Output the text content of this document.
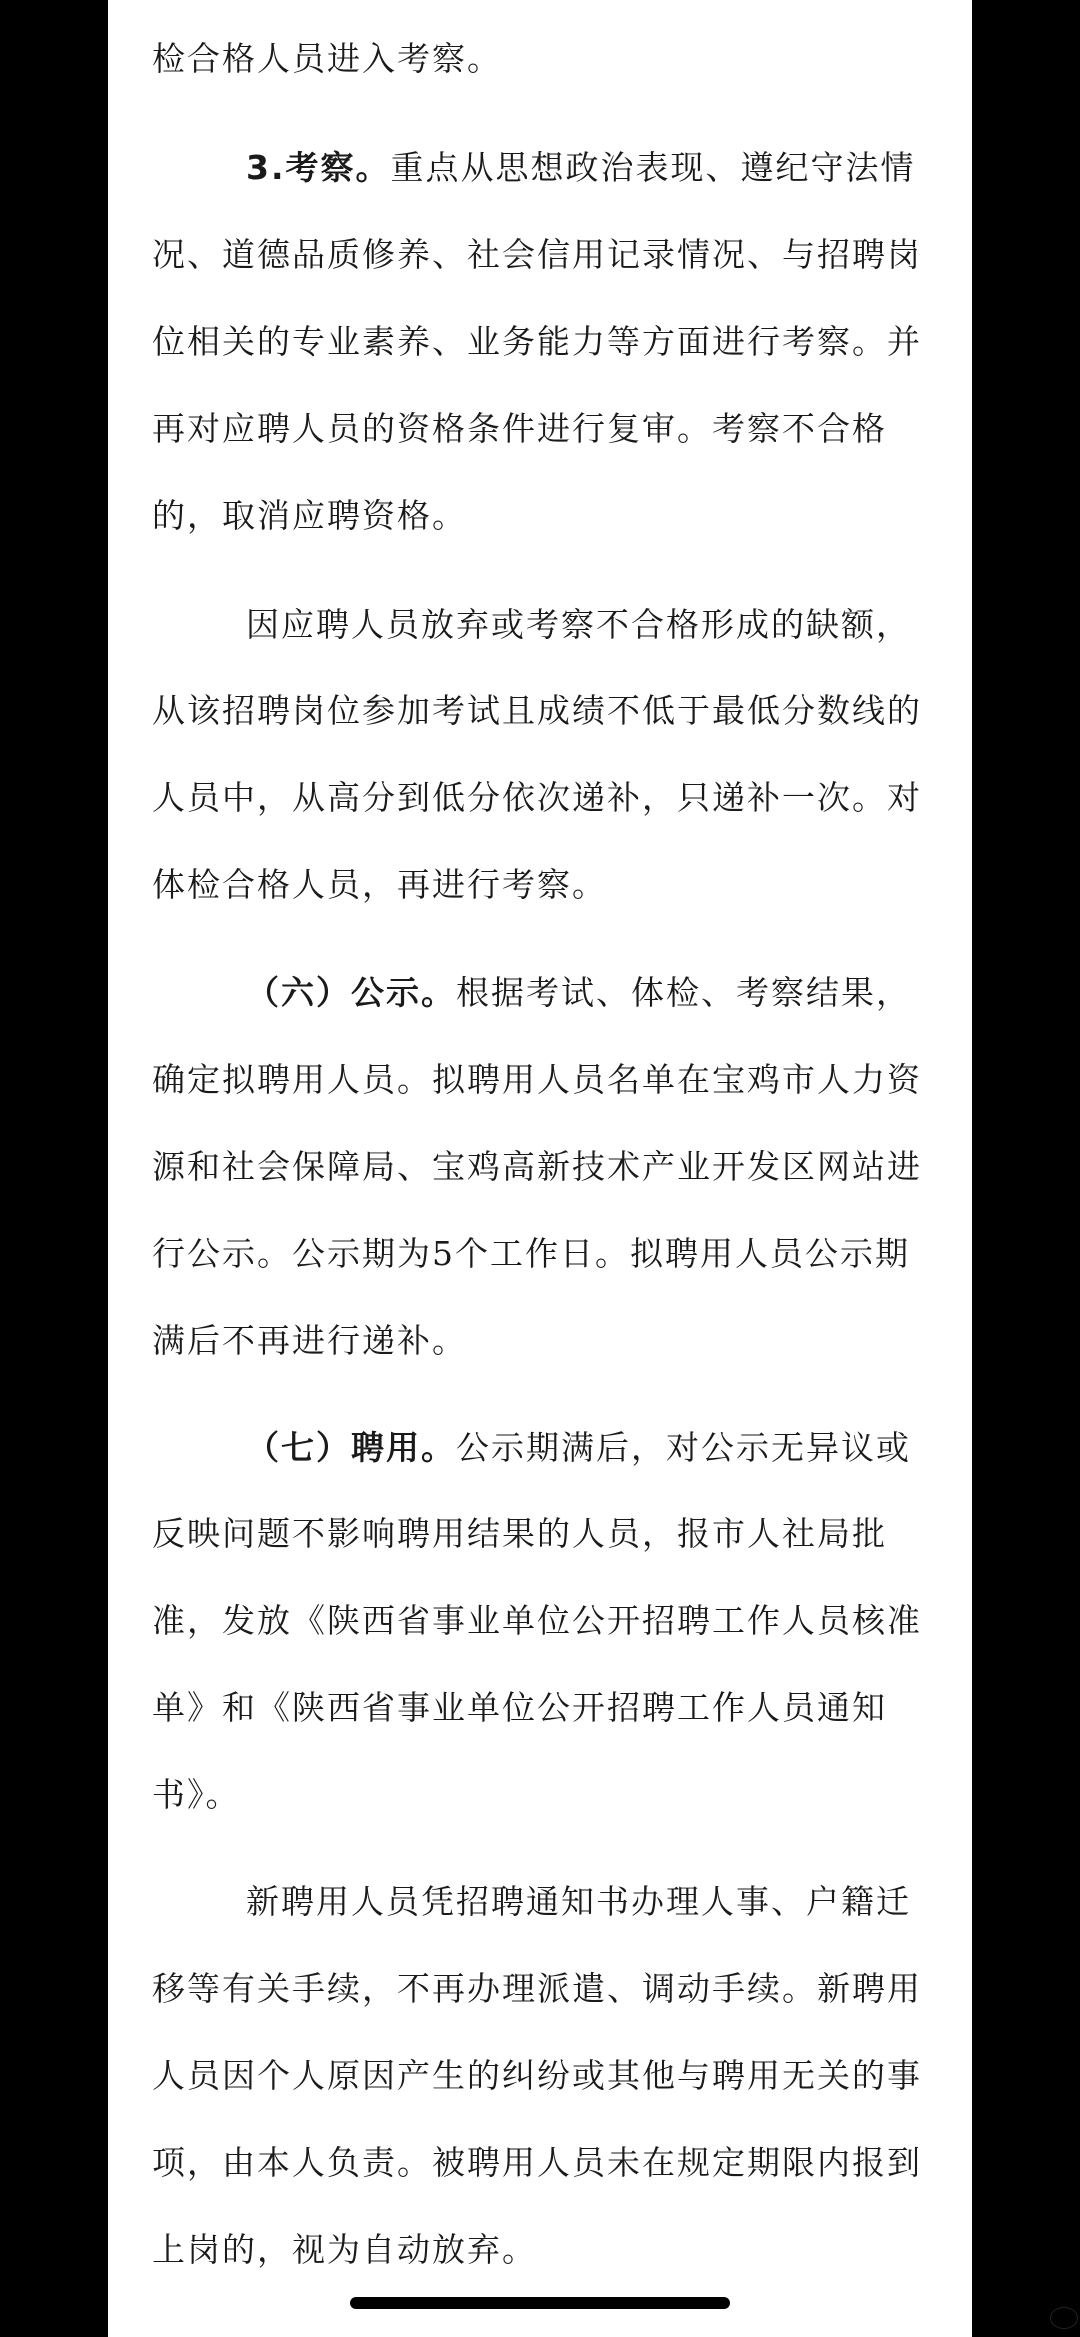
检合格人员进入考察。
3.考察。重点从思想政治表现、遵纪守法情
况、道德品质修养、社会信用记录情况、与招聘岗
位相关的专业素养、业务能力等方面进行考察。并
再对应聘人员的资格条件进行复审。考察不合格
的，取消应聘资格。
因应聘人员放弃或考察不合格形成的缺额，
从该招聘岗位参加考试且成绩不低于最低分数线的
人员中，从高分到低分依次递补，只递补一次。对
体检合格人员，再进行考察。
（六）公示。根据考试、体检、考察结果，
确定拟聘用人员。拟聘用人员名单在宝鸡市人力资
源和社会保障局、宝鸡高新技术产业开发区网站进
行公示。公示期为5个工作日。拟聘用人员公示期
满后不再进行递补。
（七）聘用。公示期满后，对公示无异议或
反映问题不影响聘用结果的人员，报市人社局批
准，发放《陕西省事业单位公开招聘工作人员核准
单》和《陕西省事业单位公开招聘工作人员通知
书》。
新聘用人员凭招聘通知书办理人事、户籍迁
移等有关手续，不再办理派遣、调动手续。新聘用
人员因个人原因产生的纠纷或其他与聘用无关的事
项，由本人负责。被聘用人员未在规定期限内报到
上岗的，视为自动放弃。
